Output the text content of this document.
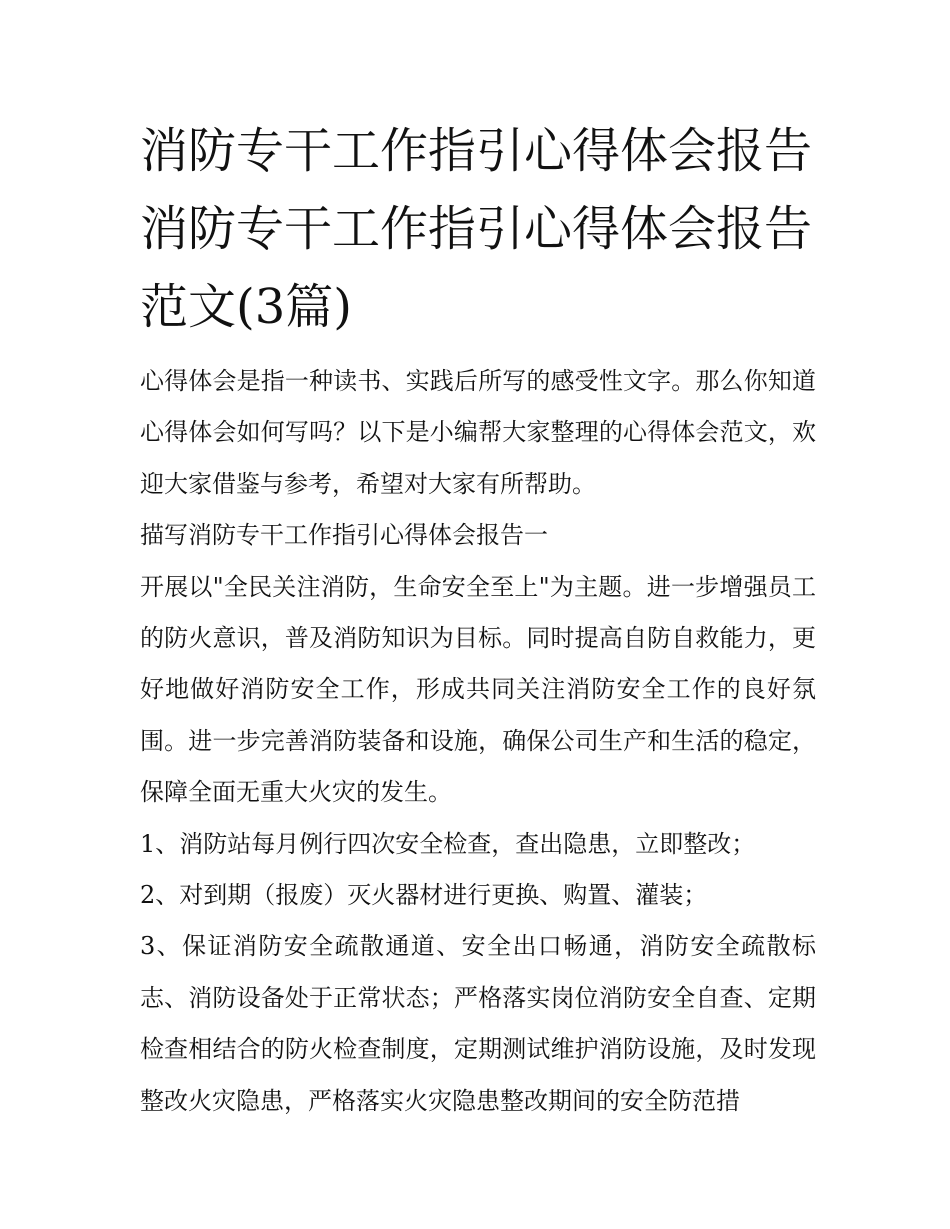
消防专干工作指引心得体会报告 消防专干工作指引心得体会报告范文(3篇)

心得体会是指一种读书、实践后所写的感受性文字。那么你知道心得体会如何写吗？以下是小编帮大家整理的心得体会范文，欢迎大家借鉴与参考，希望对大家有所帮助。

描写消防专干工作指引心得体会报告一

开展以"全民关注消防，生命安全至上"为主题。进一步增强员工的防火意识，普及消防知识为目标。同时提高自防自救能力，更好地做好消防安全工作，形成共同关注消防安全工作的良好氛围。进一步完善消防装备和设施，确保公司生产和生活的稳定，保障全面无重大火灾的发生。

1、消防站每月例行四次安全检查，查出隐患，立即整改；

2、对到期（报废）灭火器材进行更换、购置、灌装；

3、保证消防安全疏散通道、安全出口畅通，消防安全疏散标志、消防设备处于正常状态；严格落实岗位消防安全自查、定期检查相结合的防火检查制度，定期测试维护消防设施，及时发现整改火灾隐患，严格落实火灾隐患整改期间的安全防范措
